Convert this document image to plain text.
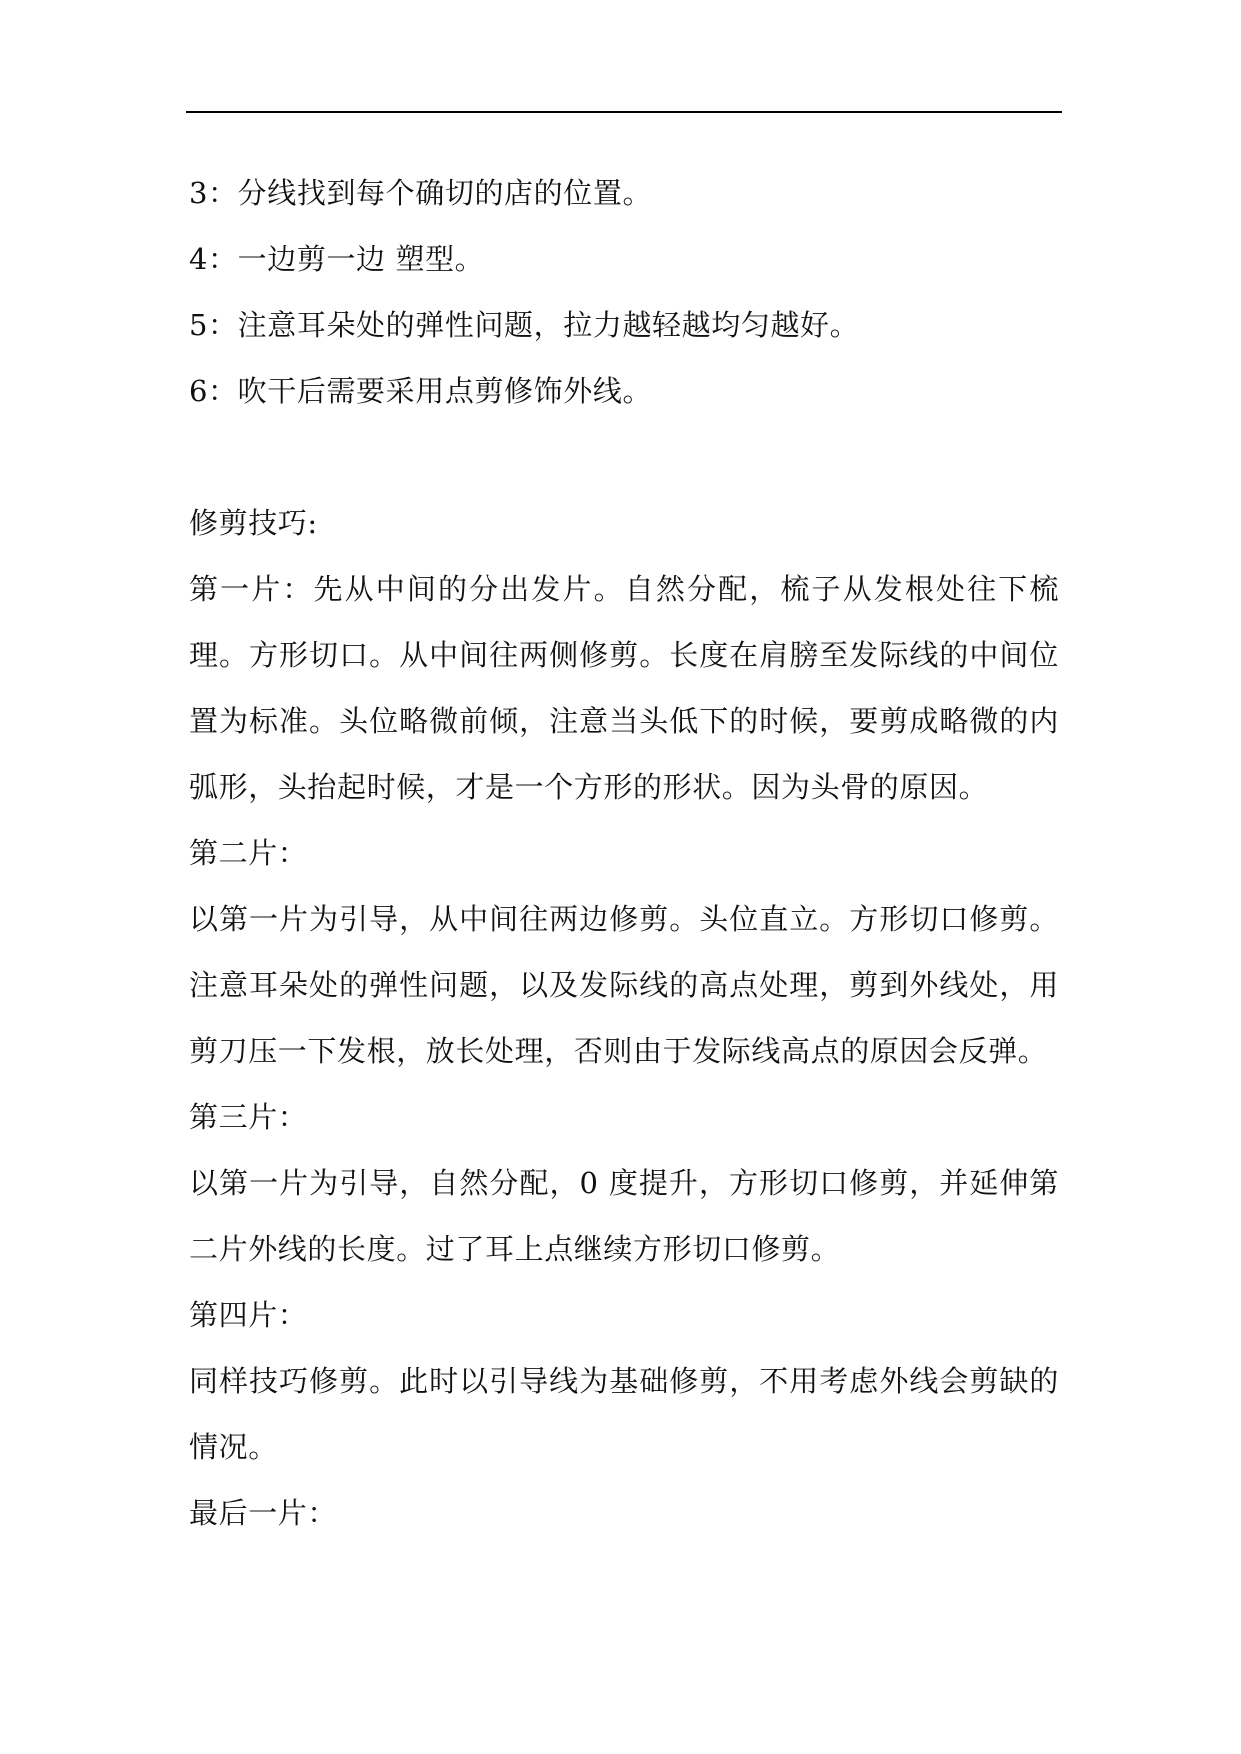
3：分线找到每个确切的店的位置。
4：一边剪一边 塑型。
5：注意耳朵处的弹性问题，拉力越轻越均匀越好。
6：吹干后需要采用点剪修饰外线。
修剪技巧:
第一片：先从中间的分出发片。自然分配，梳子从发根处往下梳理。方形切口。从中间往两侧修剪。长度在肩膀至发际线的中间位置为标准。头位略微前倾，注意当头低下的时候，要剪成略微的内弧形，头抬起时候，才是一个方形的形状。因为头骨的原因。
第二片：
以第一片为引导，从中间往两边修剪。头位直立。方形切口修剪。注意耳朵处的弹性问题，以及发际线的高点处理，剪到外线处，用剪刀压一下发根，放长处理，否则由于发际线高点的原因会反弹。
第三片：
以第一片为引导，自然分配，0 度提升，方形切口修剪，并延伸第二片外线的长度。过了耳上点继续方形切口修剪。
第四片：
同样技巧修剪。此时以引导线为基础修剪，不用考虑外线会剪缺的情况。
最后一片：
